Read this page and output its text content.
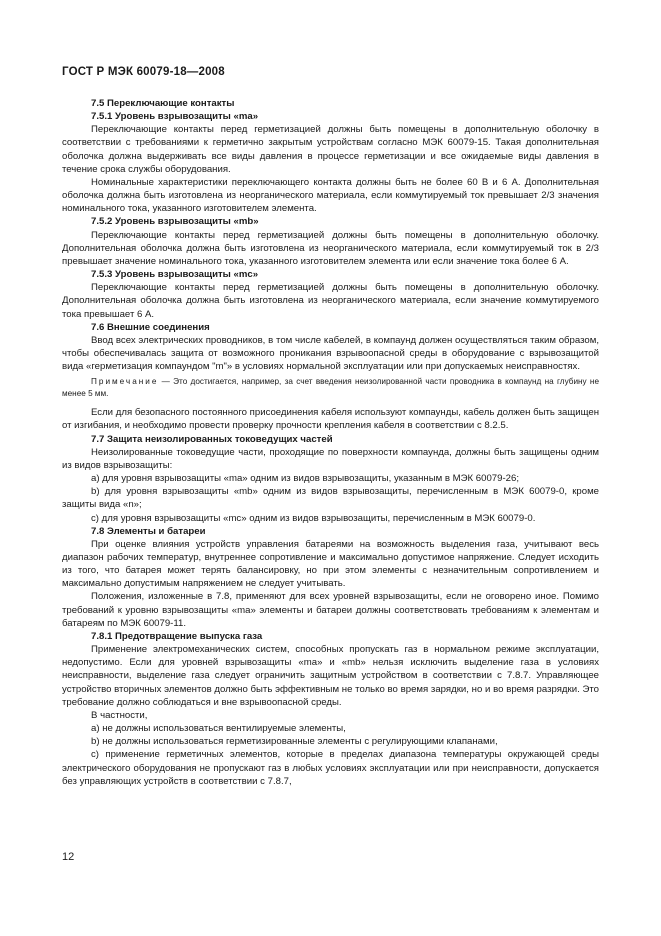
ГОСТ Р МЭК 60079-18—2008
7.5 Переключающие контакты
7.5.1 Уровень взрывозащиты «ma»

Переключающие контакты перед герметизацией должны быть помещены в дополнительную оболочку в соответствии с требованиями к герметично закрытым устройствам согласно МЭК 60079-15. Такая дополнительная оболочка должна выдерживать все виды давления в процессе герметизации и все ожидаемые виды давления в течение срока службы оборудования.

Номинальные характеристики переключающего контакта должны быть не более 60 В и 6 А. Дополнительная оболочка должна быть изготовлена из неорганического материала, если коммутируемый ток превышает 2/3 значения номинального тока, указанного изготовителем элемента.

7.5.2 Уровень взрывозащиты «mb»

Переключающие контакты перед герметизацией должны быть помещены в дополнительную оболочку. Дополнительная оболочка должна быть изготовлена из неорганического материала, если коммутируемый ток в 2/3 превышает значение номинального тока, указанного изготовителем элемента или если значение тока более 6 А.

7.5.3 Уровень взрывозащиты «mc»

Переключающие контакты перед герметизацией должны быть помещены в дополнительную оболочку. Дополнительная оболочка должна быть изготовлена из неорганического материала, если значение коммутируемого тока превышает 6 А.

7.6 Внешние соединения

Ввод всех электрических проводников, в том числе кабелей, в компаунд должен осуществляться таким образом, чтобы обеспечивалась защита от возможного проникания взрывоопасной среды в оборудование с взрывозащитой вида «герметизация компаундом "m"» в условиях нормальной эксплуатации или при допускаемых неисправностях.

Примечание — Это достигается, например, за счет введения неизолированной части проводника в компаунд на глубину не менее 5 мм.

Если для безопасного постоянного присоединения кабеля используют компаунды, кабель должен быть защищен от изгибания, и необходимо провести проверку прочности крепления кабеля в соответствии с 8.2.5.

7.7 Защита неизолированных токоведущих частей

Неизолированные токоведущие части, проходящие по поверхности компаунда, должны быть защищены одним из видов взрывозащиты:

a) для уровня взрывозащиты «ma» одним из видов взрывозащиты, указанным в МЭК 60079-26;

b) для уровня взрывозащиты «mb» одним из видов взрывозащиты, перечисленным в МЭК 60079-0, кроме защиты вида «n»;

c) для уровня взрывозащиты «mc» одним из видов взрывозащиты, перечисленным в МЭК 60079-0.

7.8 Элементы и батареи

При оценке влияния устройств управления батареями на возможность выделения газа, учитывают весь диапазон рабочих температур, внутреннее сопротивление и максимально допустимое напряжение. Следует исходить из того, что батарея может терять балансировку, но при этом элементы с незначительным сопротивлением и максимально допустимым напряжением не следует учитывать.

Положения, изложенные в 7.8, применяют для всех уровней взрывозащиты, если не оговорено иное. Помимо требований к уровню взрывозащиты «ma» элементы и батареи должны соответствовать требованиям к элементам и батареям по МЭК 60079-11.

7.8.1 Предотвращение выпуска газа

Применение электромеханических систем, способных пропускать газ в нормальном режиме эксплуатации, недопустимо. Если для уровней взрывозащиты «ma» и «mb» нельзя исключить выделение газа в условиях неисправности, выделение газа следует ограничить защитным устройством в соответствии с 7.8.7. Управляющее устройство вторичных элементов должно быть эффективным не только во время зарядки, но и во время разрядки. Это требование должно соблюдаться и вне взрывоопасной среды.

В частности,

a) не должны использоваться вентилируемые элементы,

b) не должны использоваться герметизированные элементы с регулирующими клапанами,

c) применение герметичных элементов, которые в пределах диапазона температуры окружающей среды электрического оборудования не пропускают газ в любых условиях эксплуатации или при неисправности, допускается без управляющих устройств в соответствии с 7.8.7,

12
